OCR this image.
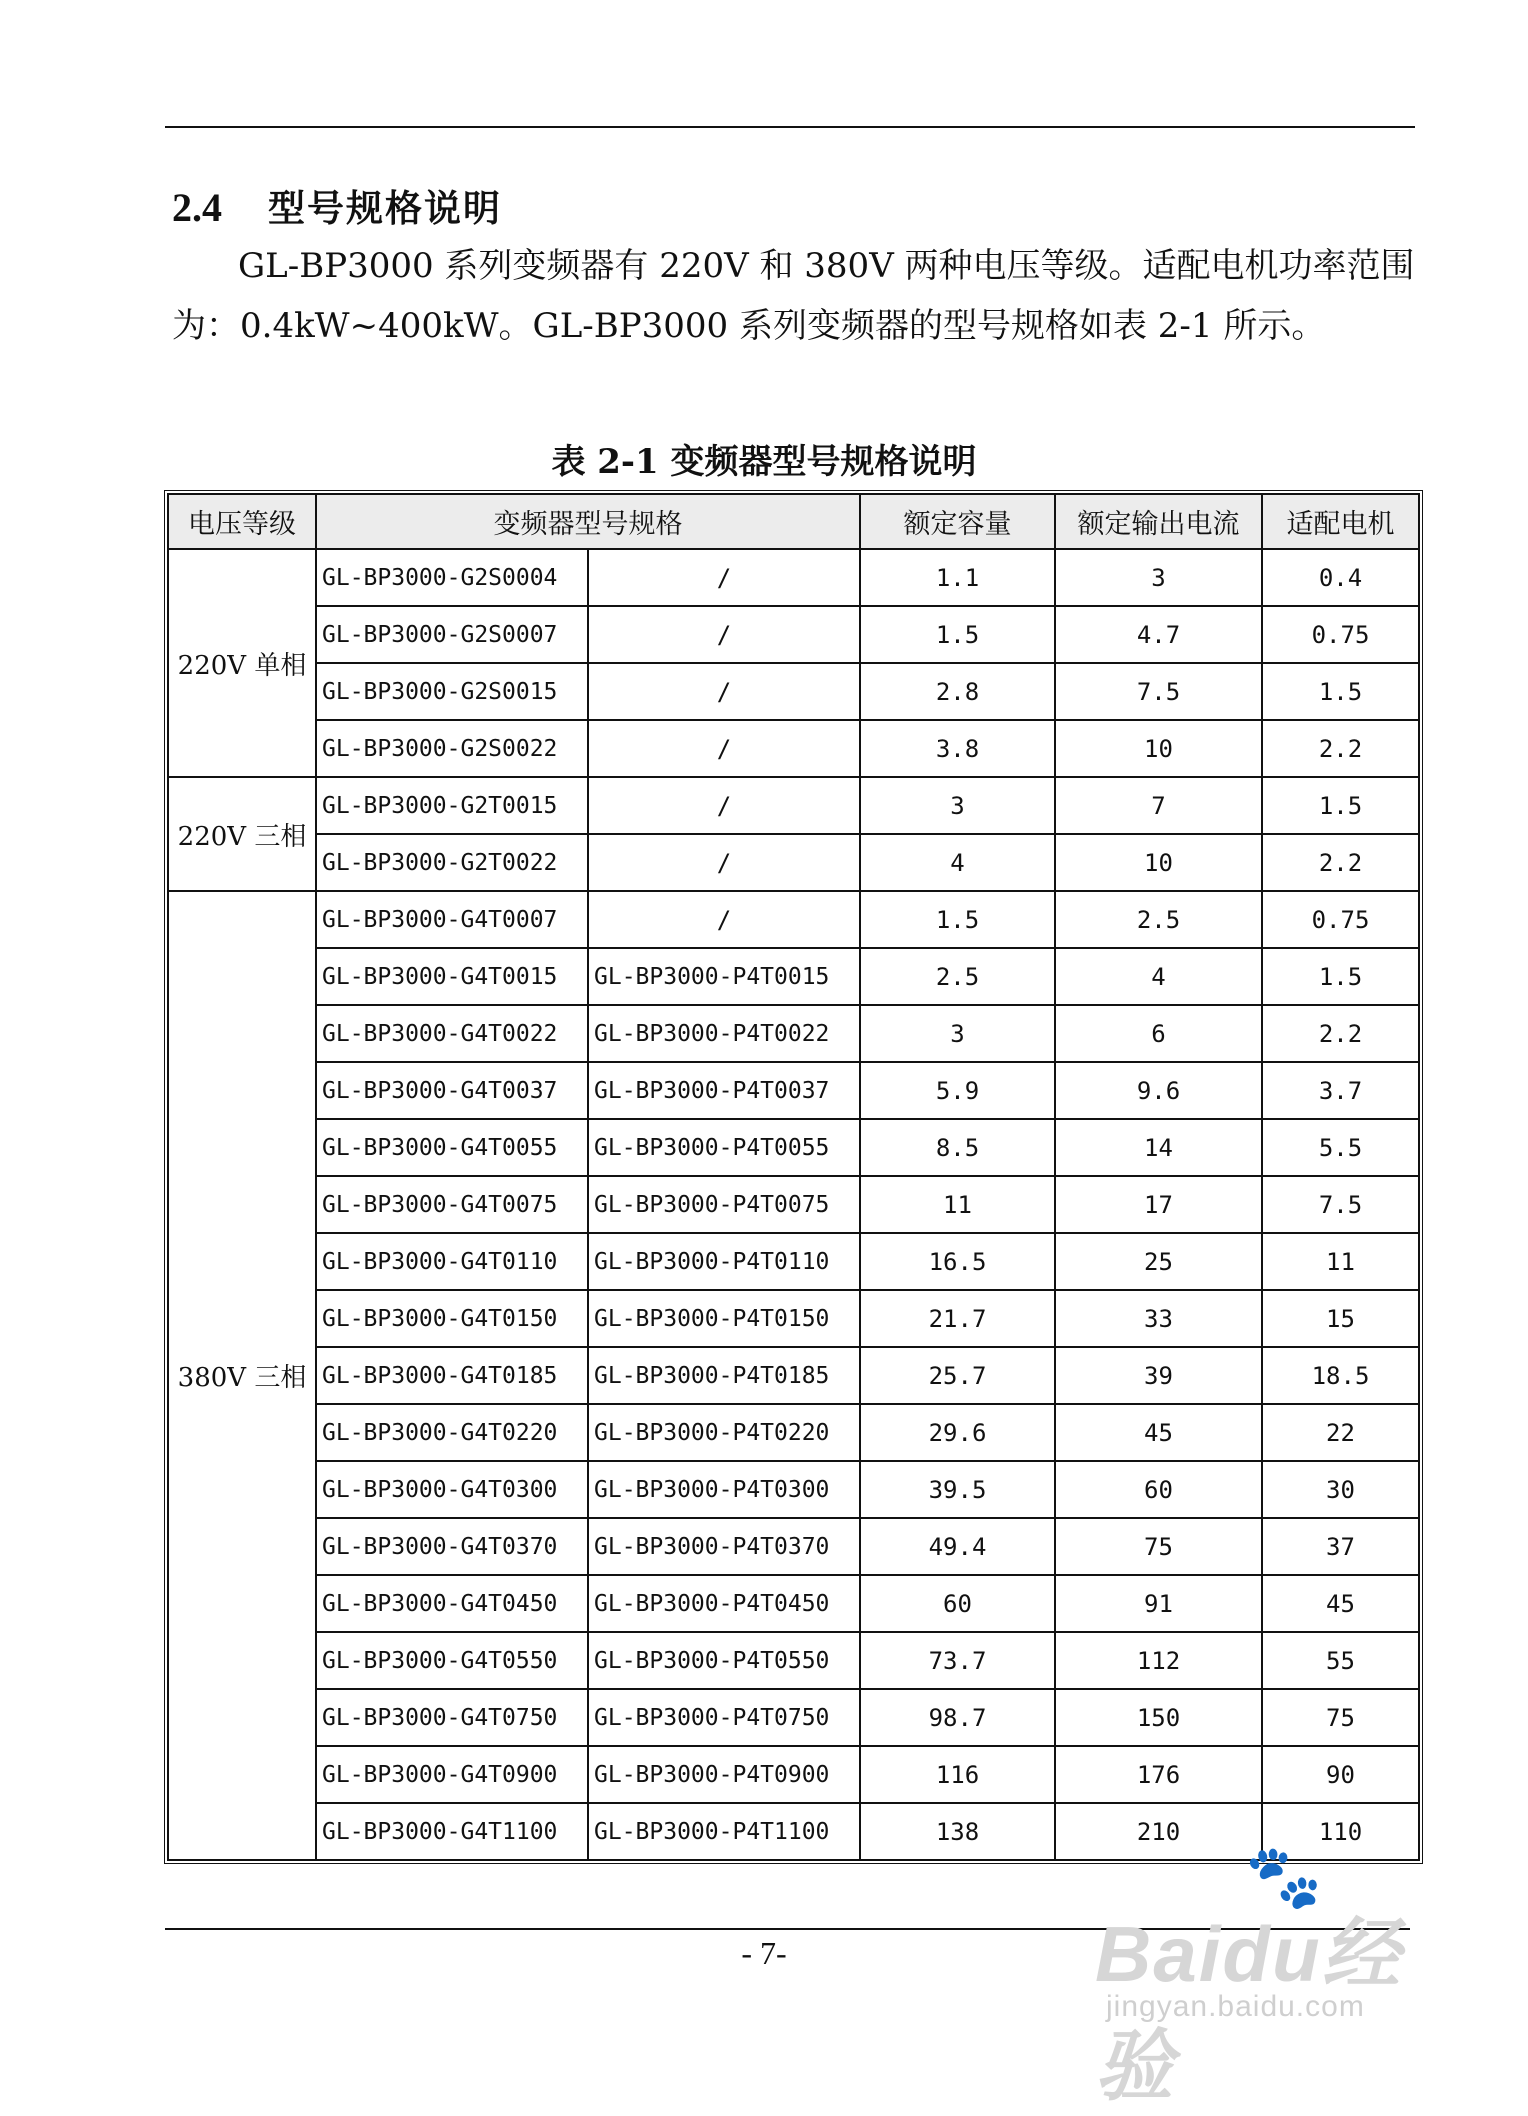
2.4	型号规格说明
GL-BP3000 系列变频器有 220V 和 380V 两种电压等级。适配电机功率范围
为：0.4kW~400kW。GL-BP3000 系列变频器的型号规格如表 2-1 所示。
表 2-1 变频器型号规格说明
电压等级	变频器型号规格		额定容量	额定输出电流	适配电机
220V 单相	GL-BP3000-G2S0004	/	1.1	3	0.4
	GL-BP3000-G2S0007	/	1.5	4.7	0.75
	GL-BP3000-G2S0015	/	2.8	7.5	1.5
	GL-BP3000-G2S0022	/	3.8	10	2.2
220V 三相	GL-BP3000-G2T0015	/	3	7	1.5
	GL-BP3000-G2T0022	/	4	10	2.2
380V 三相	GL-BP3000-G4T0007	/	1.5	2.5	0.75
	GL-BP3000-G4T0015	GL-BP3000-P4T0015	2.5	4	1.5
	GL-BP3000-G4T0022	GL-BP3000-P4T0022	3	6	2.2
	GL-BP3000-G4T0037	GL-BP3000-P4T0037	5.9	9.6	3.7
	GL-BP3000-G4T0055	GL-BP3000-P4T0055	8.5	14	5.5
	GL-BP3000-G4T0075	GL-BP3000-P4T0075	11	17	7.5
	GL-BP3000-G4T0110	GL-BP3000-P4T0110	16.5	25	11
	GL-BP3000-G4T0150	GL-BP3000-P4T0150	21.7	33	15
	GL-BP3000-G4T0185	GL-BP3000-P4T0185	25.7	39	18.5
	GL-BP3000-G4T0220	GL-BP3000-P4T0220	29.6	45	22
	GL-BP3000-G4T0300	GL-BP3000-P4T0300	39.5	60	30
	GL-BP3000-G4T0370	GL-BP3000-P4T0370	49.4	75	37
	GL-BP3000-G4T0450	GL-BP3000-P4T0450	60	91	45
	GL-BP3000-G4T0550	GL-BP3000-P4T0550	73.7	112	55
	GL-BP3000-G4T0750	GL-BP3000-P4T0750	98.7	150	75
	GL-BP3000-G4T0900	GL-BP3000-P4T0900	116	176	90
	GL-BP3000-G4T1100	GL-BP3000-P4T1100	138	210	110
- 7-
🐾
Baidu经验
jingyan.baidu.com
